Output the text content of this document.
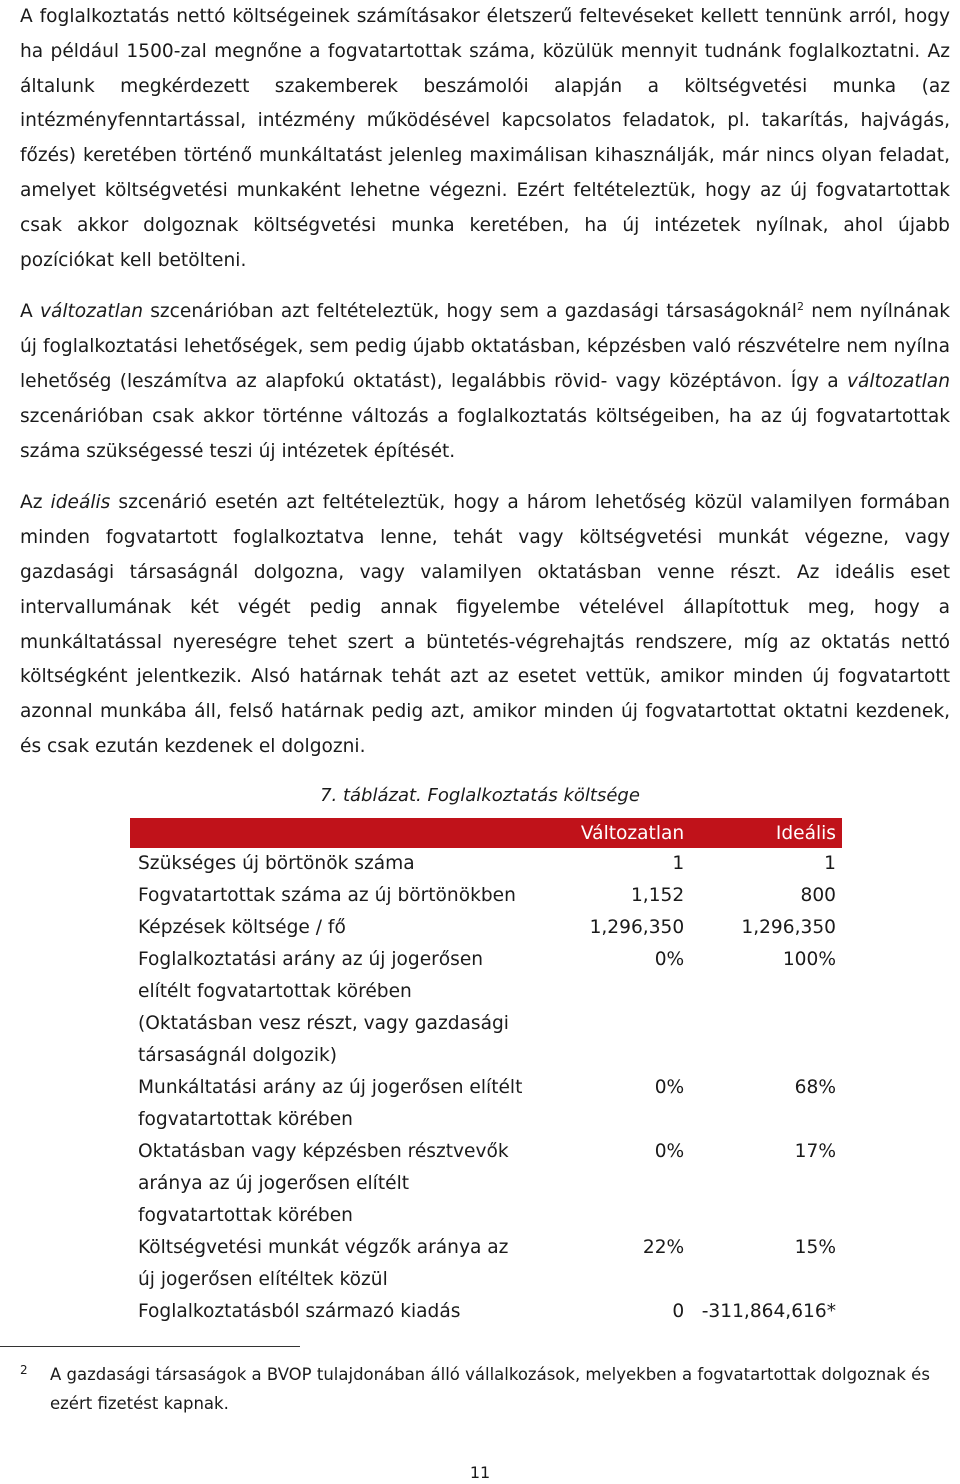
A foglalkoztatás nettó költségeinek számításakor életszerű feltevéseket kellett tennünk arról, hogy ha például 1500-zal megnőne a fogvatartottak száma, közülük mennyit tudnánk foglalkoztatni. Az általunk megkérdezett szakemberek beszámolói alapján a költségvetési munka (az intézményfenntartással, intézmény működésével kapcsolatos feladatok, pl. takarítás, hajvágás, főzés) keretében történő munkáltatást jelenleg maximálisan kihasználják, már nincs olyan feladat, amelyet költségvetési munkaként lehetne végezni. Ezért feltételeztük, hogy az új fogvatartottak csak akkor dolgoznak költségvetési munka keretében, ha új intézetek nyílnak, ahol újabb pozíciókat kell betölteni.

A változatlan szcenárióban azt feltételeztük, hogy sem a gazdasági társaságoknál$^2$ nem nyílnának új foglalkoztatási lehetőségek, sem pedig újabb oktatásban, képzésben való részvételre nem nyílna lehetőség (leszámítva az alapfokú oktatást), legalábbis rövid- vagy középtávon. Így a változatlan szcenárióban csak akkor történne változás a foglalkoztatás költségeiben, ha az új fogvatartottak száma szükségessé teszi új intézetek építését.

Az ideális szcenárió esetén azt feltételeztük, hogy a három lehetőség közül valamilyen formában minden fogvatartott foglalkoztatva lenne, tehát vagy költségvetési munkát végezne, vagy gazdasági társaságnál dolgozna, vagy valamilyen oktatásban venne részt. Az ideális eset intervallumának két végét pedig annak figyelembe vételével állapítottuk meg, hogy a munkáltatással nyereségre tehet szert a büntetés-végrehajtás rendszere, míg az oktatás nettó költségként jelentkezik. Alsó határnak tehát azt az esetet vettük, amikor minden új fogvatartott azonnal munkába áll, felső határnak pedig azt, amikor minden új fogvatartottat oktatni kezdenek, és csak ezután kezdenek el dolgozni.

7. táblázat. Foglalkoztatás költsége
	Változatlan	Ideális
Szükséges új börtönök száma	1	1
Fogvatartottak száma az új börtönökben	1,152	800
Képzések költsége / fő	1,296,350	1,296,350
Foglalkoztatási arány az új jogerősen elítélt fogvatartottak körében (Oktatásban vesz részt, vagy gazdasági társaságnál dolgozik)	0%	100%
Munkáltatási arány az új jogerősen elítélt fogvatartottak körében	0%	68%
Oktatásban vagy képzésben résztvevők aránya az új jogerősen elítélt fogvatartottak körében	0%	17%
Költségvetési munkát végzők aránya az új jogerősen elítéltek közül	22%	15%
Foglalkoztatásból származó kiadás	0	-311,864,616*
2 A gazdasági társaságok a BVOP tulajdonában álló vállalkozások, melyekben a fogvatartottak dolgoznak és ezért fizetést kapnak.
11
